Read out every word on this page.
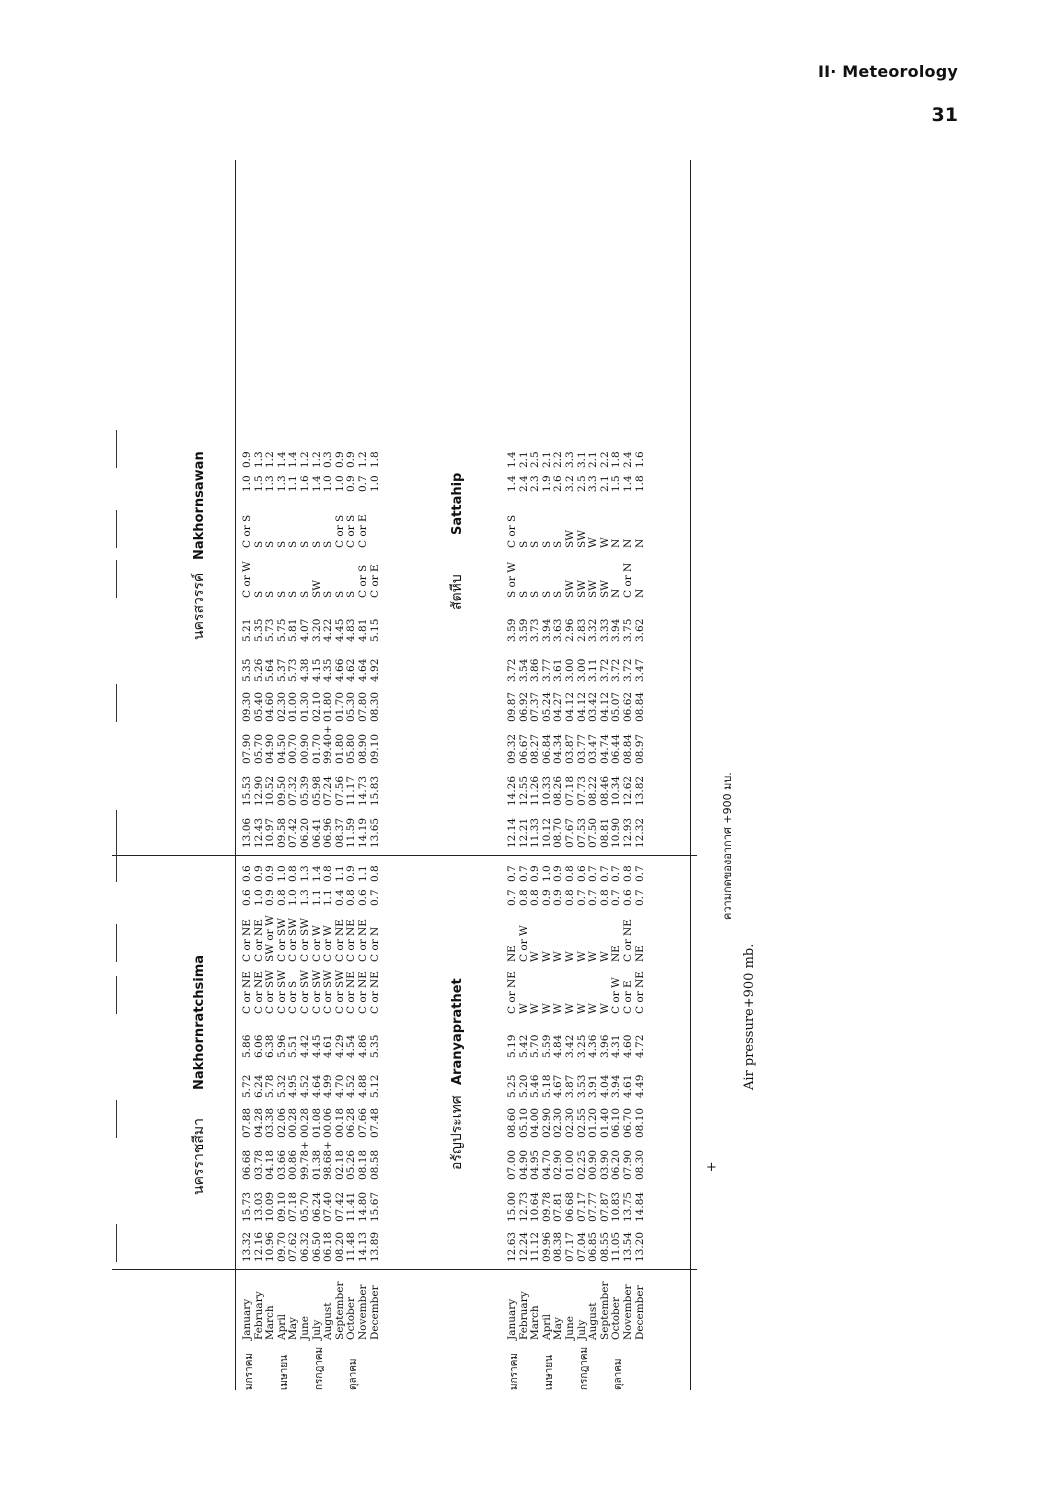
II· Meteorology
31
นครราชสีมา
Nakhornratchsima
นครสวรรค์
Nakhornsawan
อรัญประเทศ
Aranyaprathet
สัตหีบ
Sattahip
มกราคม เมษายน กรกฎาคม ตุลาคม
January February March April May June July August September October November December
13.32 12.16 10.96 09.70 07.62 06.32 06.50 06.18 08.20 11.48 14.13 13.89
15.73 13.03 10.09 09.10 07.18 05.70 06.24 07.40 07.42 11.41 14.80 15.67
06.68 03.78 04.18 03.66 00.86 99.78+ 01.38 98.68+ 02.18 05.26 08.18 08.58
07.88 04.28 03.38 02.06 00.28 00.28 01.08 00.06 00.18 06.28 07.66 07.48
5.72 6.24 5.78 5.32 4.95 4.52 4.64 4.99 4.70 4.52 4.88 5.12
5.86 6.06 6.38 5.96 5.51 4.42 4.45 4.61 4.29 4.54 4.86 5.35
C or NE C or NE C or SW C or SW C or S C or SW C or SW C or SW C or SW C or NE C or NE C or NE
C or NE C or NE SW or W C or SW C or SW C or SW C or W C or W C or NE C or NE C or NE C or N
0.6 1.0 0.9 0.8 1.0 1.3 1.1 1.1 0.4 0.8 0.6 0.7
0.6 0.9 0.9 1.0 0.8 1.3 1.4 0.8 1.1 0.9 1.1 0.8
13.06 12.43 10.97 09.58 07.42 06.20 06.41 06.96 08.37 11.59 14.19 13.65
15.53 12.90 10.52 09.50 07.32 05.39 05.98 07.24 07.56 11.17 14.73 15.83
07.90 05.70 04.90 04.50 00.70 00.90 01.70 99.40+ 01.80 05.80 08.90 09.10
09.30 05.40 04.60 02.30 01.00 01.30 02.10 01.80 01.70 05.30 07.80 08.30
5.35 5.26 5.64 5.37 5.73 4.38 4.15 4.35 4.66 4.62 4.64 4.92
5.21 5.35 5.73 5.75 5.81 4.07 3.20 4.22 4.45 4.83 4.81 5.15
C or W S S S S S SW S S S C or S C or E
C or S S S S S S S S C or S C or S C or E
1.0 1.5 1.3 1.3 1.1 1.6 1.4 1.0 1.0 0.9 0.7 1.0
0.9 1.3 1.2 1.4 1.4 1.2 1.2 0.3 0.9 0.9 1.2 1.8
มกราคม เมษายน กรกฎาคม ตุลาคม
January February March April May June July August September October November December
12.63 12.24 11.12 09.96 08.38 07.17 07.04 06.85 08.55 11.05 13.54 13.20
15.00 12.73 10.64 09.78 07.81 06.68 07.17 07.77 07.87 10.83 13.75 14.84
07.00 04.90 04.95 04.70 02.90 01.00 02.25 00.90 03.90 06.20 07.90 08.30
08.60 05.10 04.00 02.90 02.30 02.30 02.55 01.20 01.40 06.10 06.70 08.10
5.25 5.20 5.46 5.18 4.67 3.87 3.53 3.91 4.04 3.94 4.61 4.49
5.19 5.42 5.70 5.59 4.84 3.42 3.25 4.36 3.96 4.31 4.60 4.72
C or NE W W W W W W W W C or W C or E C or NE
NE C or W W W W W W W W NE C or NE NE
0.7 0.8 0.8 0.9 0.9 0.8 0.7 0.7 0.8 0.7 0.6 0.7
0.7 0.7 0.9 1.0 0.9 0.8 0.6 0.7 0.7 0.7 0.8 0.7
12.14 12.21 11.33 10.12 08.70 07.67 07.53 07.50 08.81 10.90 12.93 12.32
14.26 12.55 11.26 10.33 08.26 07.18 07.73 08.22 08.46 10.34 12.62 13.82
09.32 06.67 08.27 06.84 04.34 03.87 03.77 03.47 04.74 06.44 08.84 08.97
09.87 06.92 07.37 05.24 04.27 04.12 04.12 03.42 04.12 05.07 06.62 08.84
3.72 3.54 3.86 3.77 3.61 3.00 3.00 3.11 3.72 3.72 3.72 3.47
3.59 3.59 3.73 3.94 3.63 2.96 2.83 3.32 3.33 3.94 3.75 3.62
S or W S S S S SW SW SW SW N C or N N
C or S S S S S SW SW W W N N N
1.4 2.4 2.3 1.9 2.6 3.2 2.5 3.3 2.1 1.5 1.4 1.8
1.4 2.1 2.5 2.1 2.2 3.3 3.1 2.1 2.2 1.8 2.4 1.6
+
ความกดของอากาศ +900 มบ.
Air pressure+900 mb.
